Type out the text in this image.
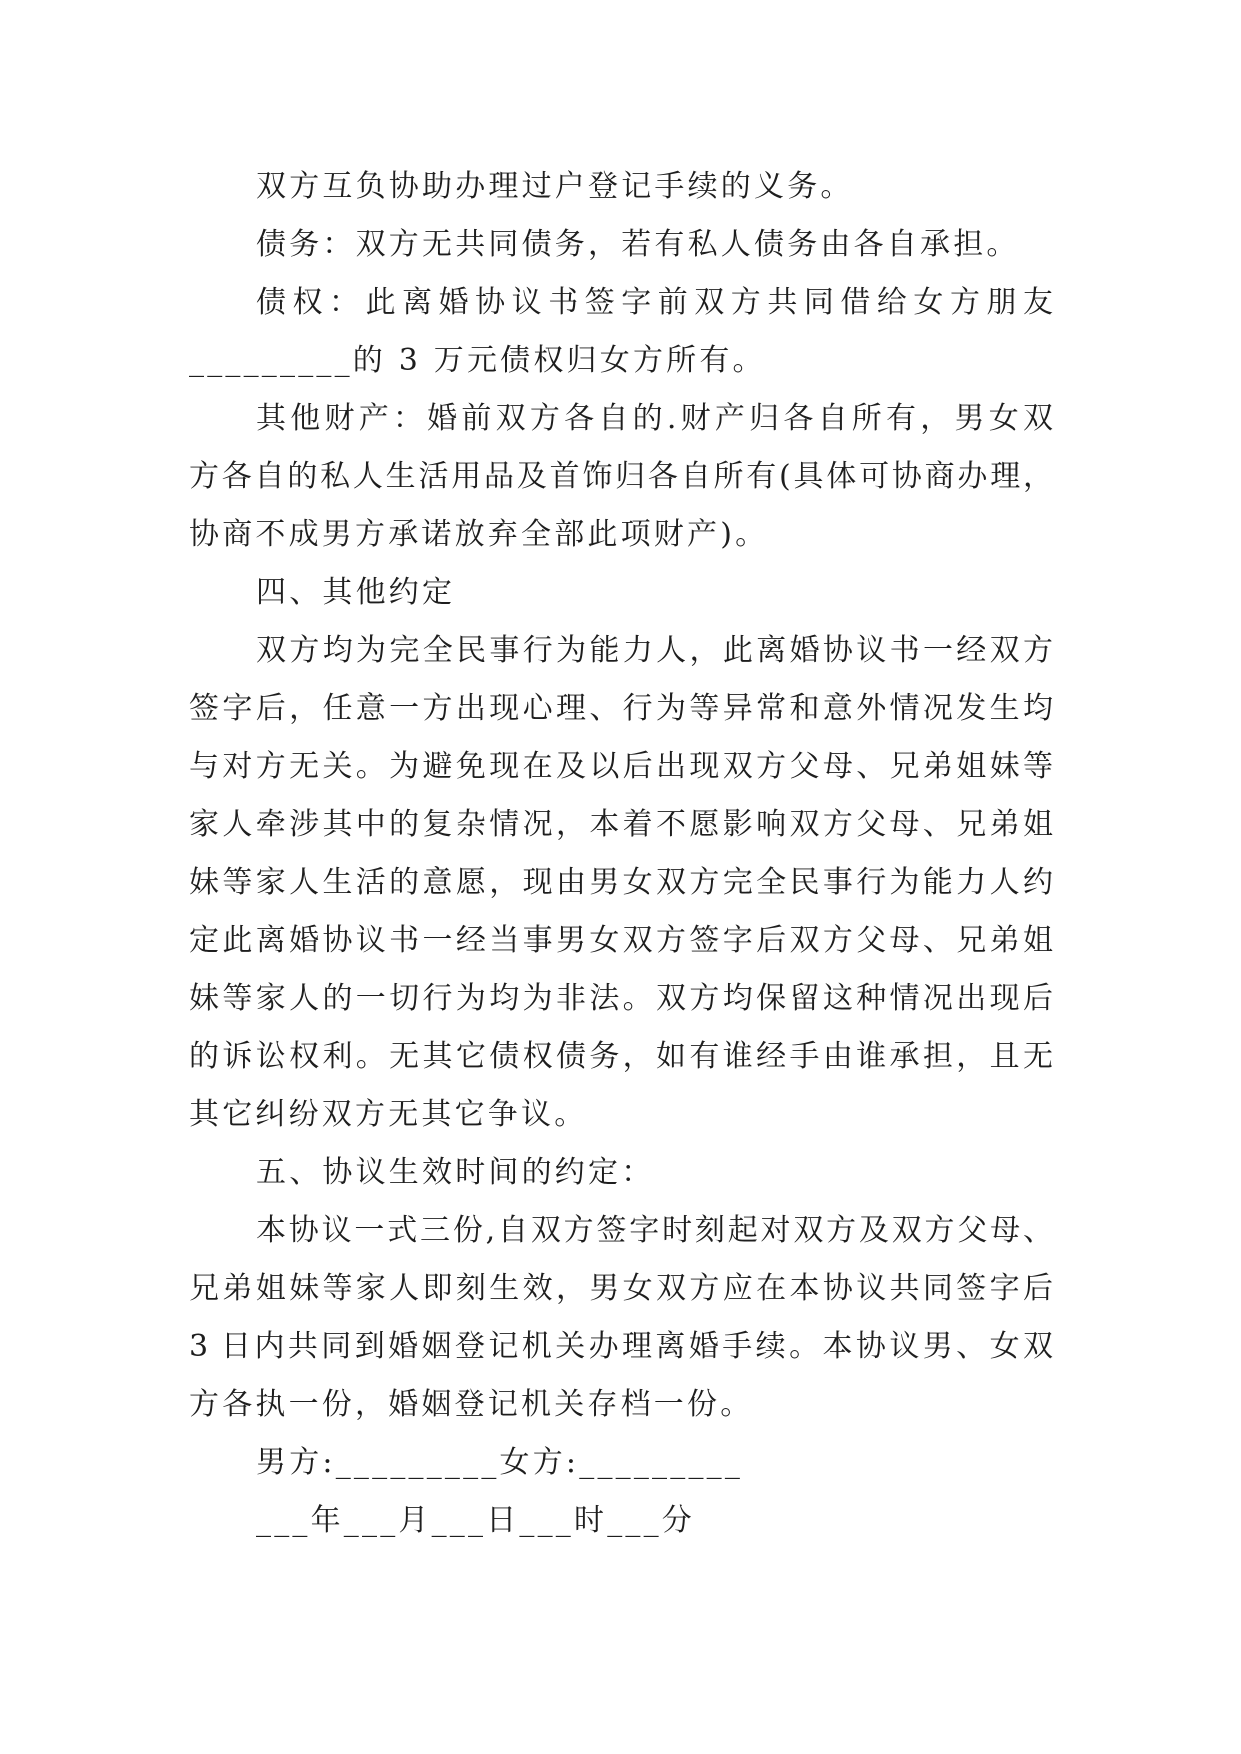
双方互负协助办理过户登记手续的义务。
债务：双方无共同债务，若有私人债务由各自承担。
债权：此离婚协议书签字前双方共同借给女方朋友
_________的 3 万元债权归女方所有。
其他财产：婚前双方各自的.财产归各自所有，男女双
方各自的私人生活用品及首饰归各自所有(具体可协商办理，
协商不成男方承诺放弃全部此项财产)。
四、其他约定
双方均为完全民事行为能力人，此离婚协议书一经双方
签字后，任意一方出现心理、行为等异常和意外情况发生均
与对方无关。为避免现在及以后出现双方父母、兄弟姐妹等
家人牵涉其中的复杂情况，本着不愿影响双方父母、兄弟姐
妹等家人生活的意愿，现由男女双方完全民事行为能力人约
定此离婚协议书一经当事男女双方签字后双方父母、兄弟姐
妹等家人的一切行为均为非法。双方均保留这种情况出现后
的诉讼权利。无其它债权债务，如有谁经手由谁承担，且无
其它纠纷双方无其它争议。
五、协议生效时间的约定：
本协议一式三份,自双方签字时刻起对双方及双方父母、
兄弟姐妹等家人即刻生效，男女双方应在本协议共同签字后
3 日内共同到婚姻登记机关办理离婚手续。本协议男、女双
方各执一份，婚姻登记机关存档一份。
男方:_________女方:_________
___年___月___日___时___分
